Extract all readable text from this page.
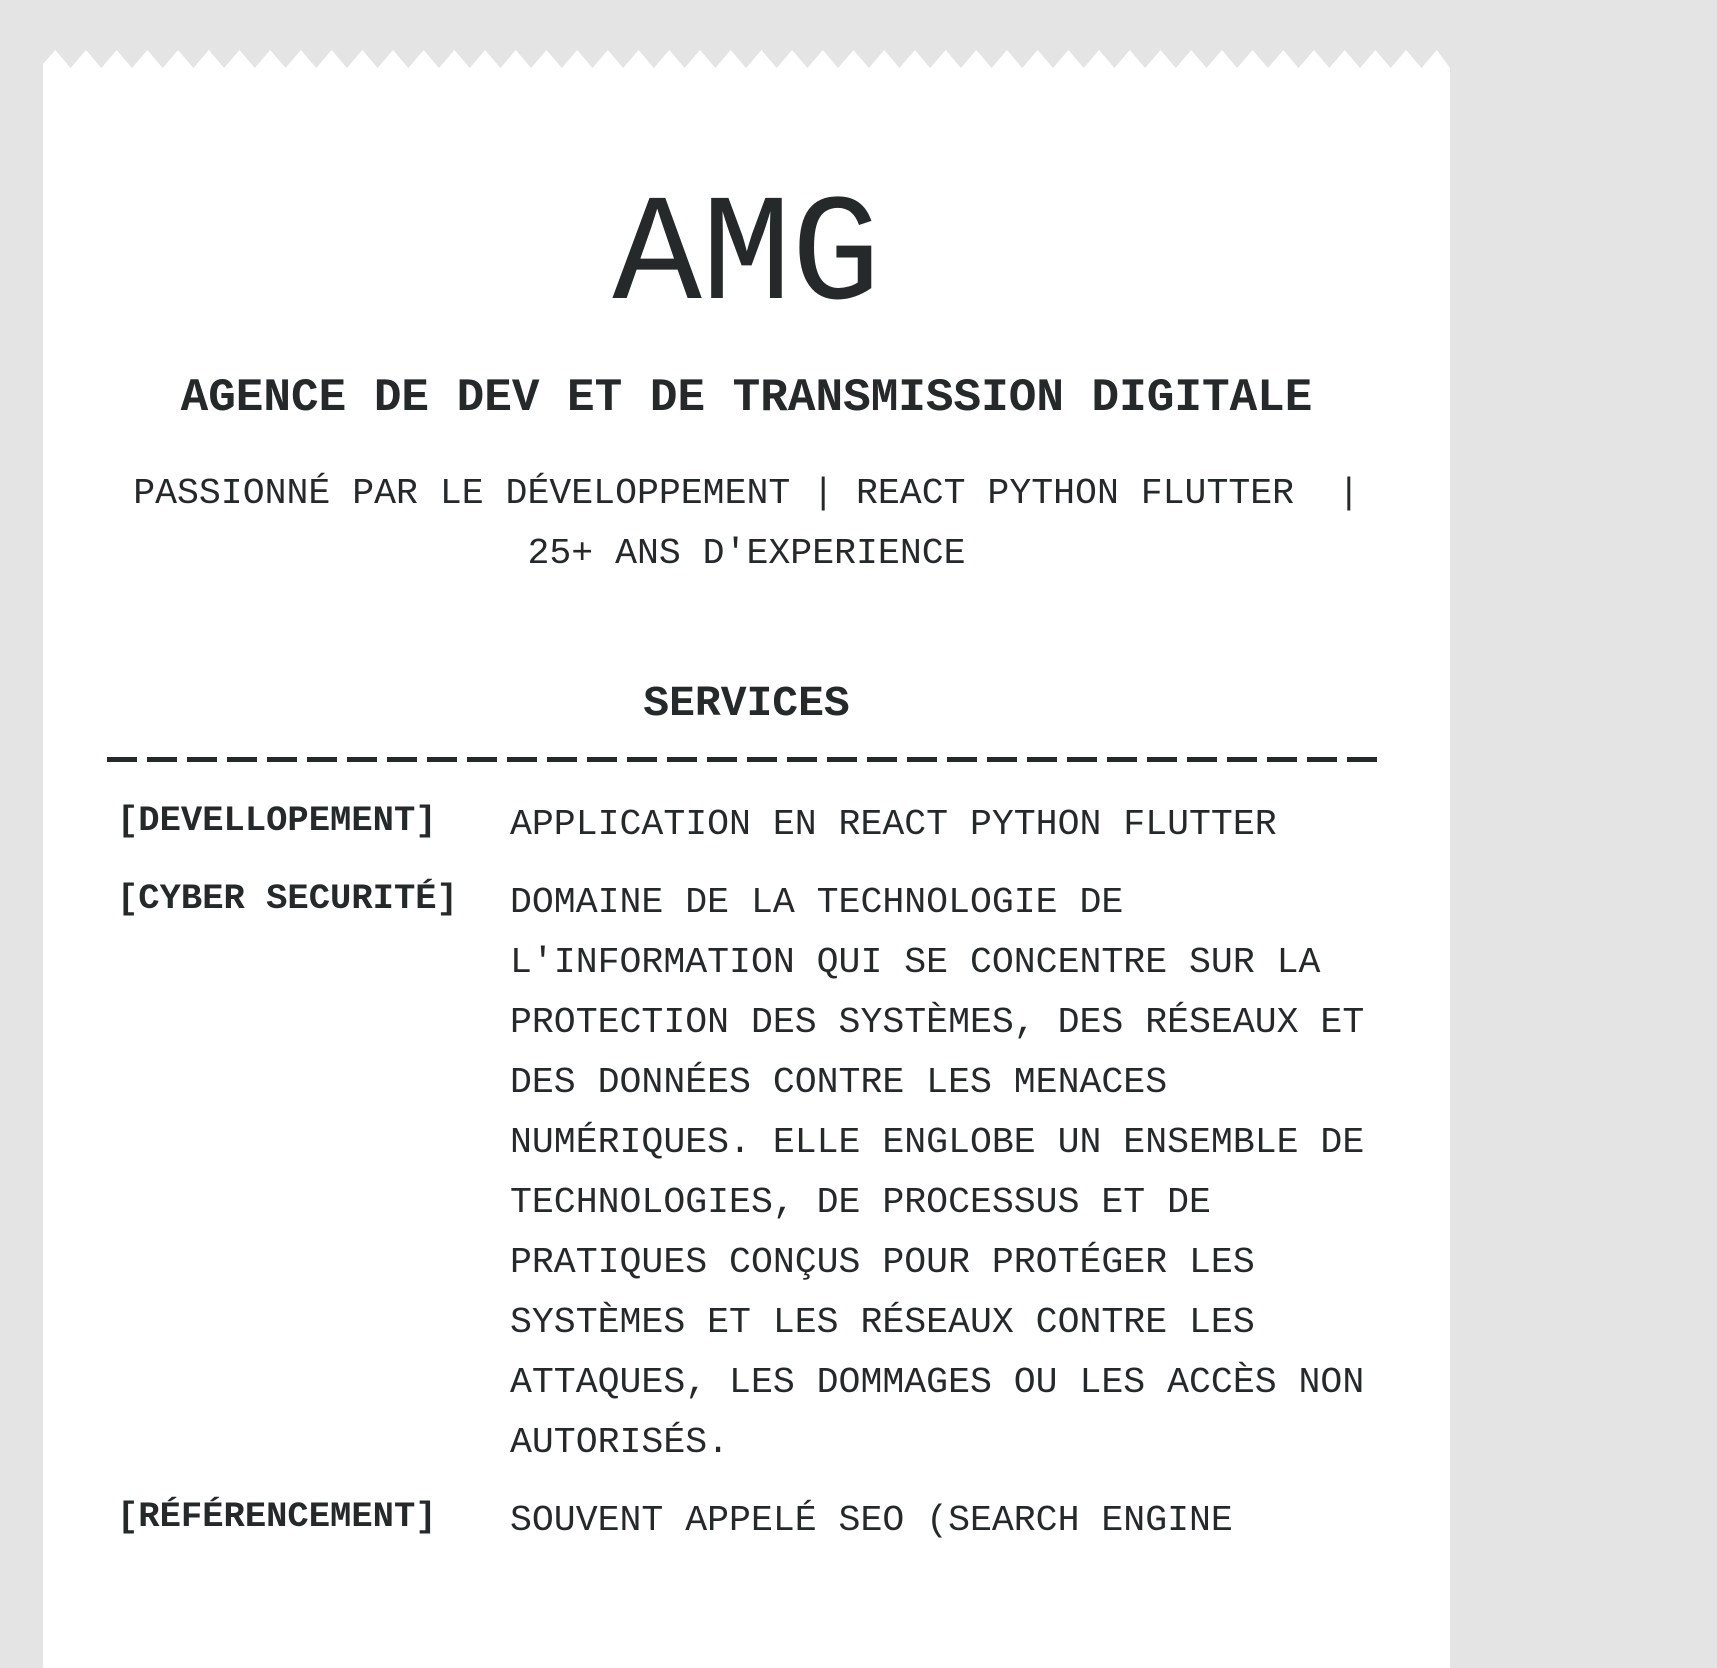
AMG
AGENCE DE DEV ET DE TRANSMISSION DIGITALE

PASSIONNÉ PAR LE DÉVELOPPEMENT | REACT PYTHON FLUTTER  |  25+ ANS D'EXPERIENCE

SERVICES
[DEVELLOPEMENT]	APPLICATION EN REACT PYTHON FLUTTER
[CYBER SECURITÉ]	DOMAINE DE LA TECHNOLOGIE DE L'INFORMATION QUI SE CONCENTRE SUR LA PROTECTION DES SYSTÈMES, DES RÉSEAUX ET DES DONNÉES CONTRE LES MENACES NUMÉRIQUES. ELLE ENGLOBE UN ENSEMBLE DE TECHNOLOGIES, DE PROCESSUS ET DE PRATIQUES CONÇUS POUR PROTÉGER LES SYSTÈMES ET LES RÉSEAUX CONTRE LES ATTAQUES, LES DOMMAGES OU LES ACCÈS NON AUTORISÉS.
[RÉFÉRENCEMENT]	SOUVENT APPELÉ SEO (SEARCH ENGINE
